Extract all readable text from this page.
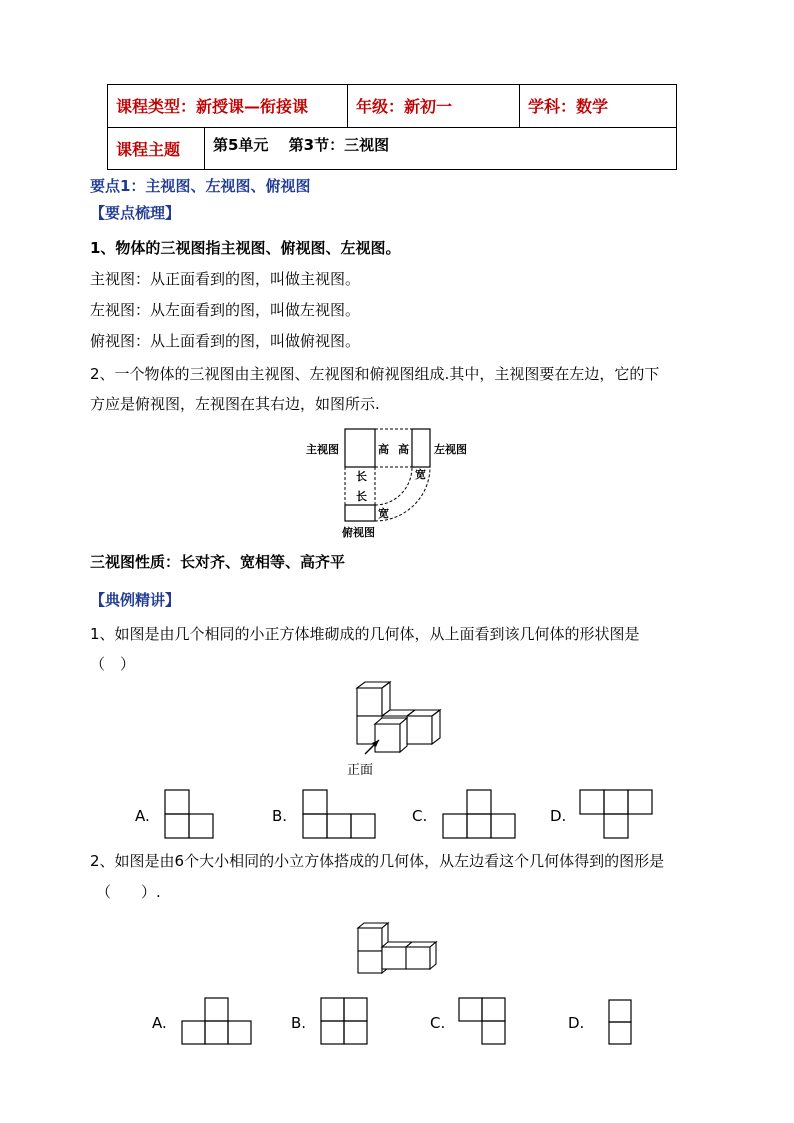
课程类型：新授课—衔接课		年级：新初一	学科：数学
课程主题	第5单元　 第3节：三视图		
要点1：主视图、左视图、俯视图
【要点梳理】
1、物体的三视图指主视图、俯视图、左视图。
主视图：从正面看到的图，叫做主视图。
左视图：从左面看到的图，叫做左视图。
俯视图：从上面看到的图，叫做俯视图。
2、一个物体的三视图由主视图、左视图和俯视图组成.其中，主视图要在左边，它的下
方应是俯视图，左视图在其右边，如图所示.
主视图	左视图
俯视图
高 高
长
长
宽
宽
三视图性质：长对齐、宽相等、高齐平
【典例精讲】
1、如图是由几个相同的小正方体堆砌成的几何体，从上面看到该几何体的形状图是
（　）
正面
A.	B.	C.	D.
2、如图是由6个大小相同的小立方体搭成的几何体，从左边看这个几何体得到的图形是
（　　）.
A.	B.	C.	D.
